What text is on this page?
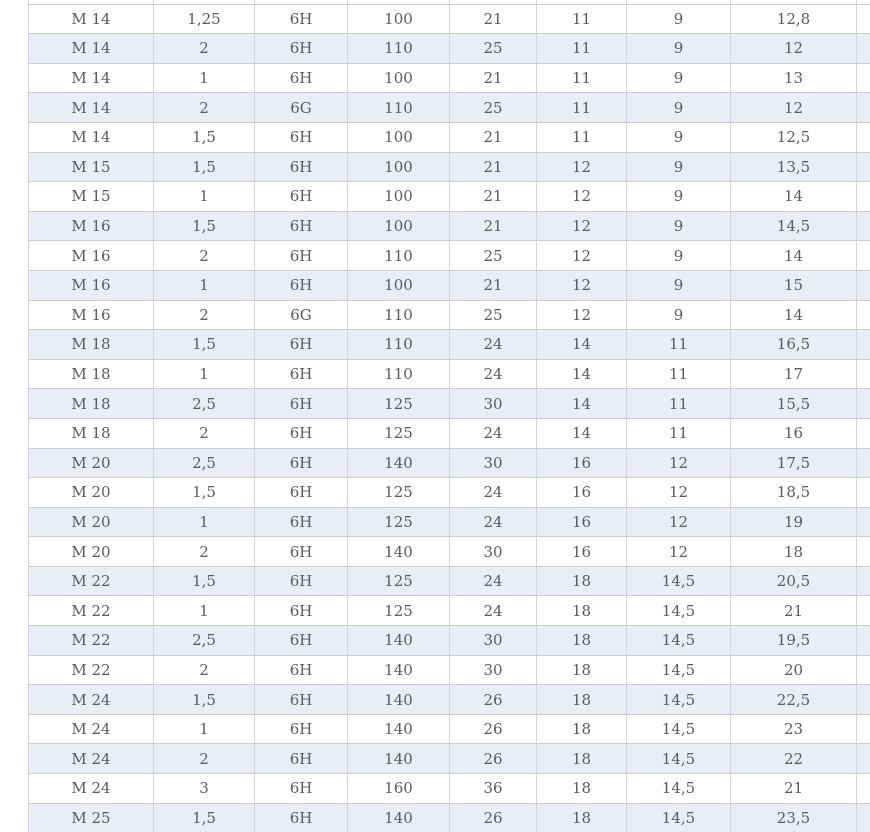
M 14	1,25	6H	100	21	11	9	12,8	
M 14	2	6H	110	25	11	9	12	
M 14	1	6H	100	21	11	9	13	
M 14	2	6G	110	25	11	9	12	
M 14	1,5	6H	100	21	11	9	12,5	
M 15	1,5	6H	100	21	12	9	13,5	
M 15	1	6H	100	21	12	9	14	
M 16	1,5	6H	100	21	12	9	14,5	
M 16	2	6H	110	25	12	9	14	
M 16	1	6H	100	21	12	9	15	
M 16	2	6G	110	25	12	9	14	
M 18	1,5	6H	110	24	14	11	16,5	
M 18	1	6H	110	24	14	11	17	
M 18	2,5	6H	125	30	14	11	15,5	
M 18	2	6H	125	24	14	11	16	
M 20	2,5	6H	140	30	16	12	17,5	
M 20	1,5	6H	125	24	16	12	18,5	
M 20	1	6H	125	24	16	12	19	
M 20	2	6H	140	30	16	12	18	
M 22	1,5	6H	125	24	18	14,5	20,5	
M 22	1	6H	125	24	18	14,5	21	
M 22	2,5	6H	140	30	18	14,5	19,5	
M 22	2	6H	140	30	18	14,5	20	
M 24	1,5	6H	140	26	18	14,5	22,5	
M 24	1	6H	140	26	18	14,5	23	
M 24	2	6H	140	26	18	14,5	22	
M 24	3	6H	160	36	18	14,5	21	
M 25	1,5	6H	140	26	18	14,5	23,5	
